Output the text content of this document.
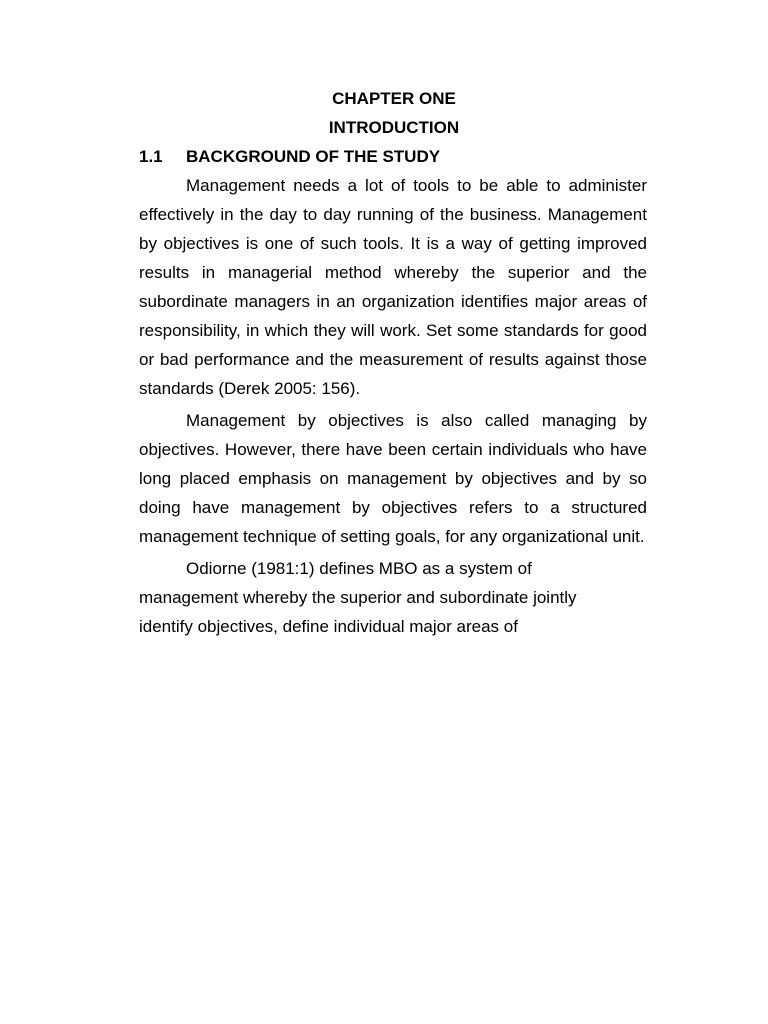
CHAPTER ONE

INTRODUCTION

1.1 BACKGROUND OF THE STUDY

Management needs a lot of tools to be able to administer effectively in the day to day running of the business. Management by objectives is one of such tools. It is a way of getting improved results in managerial method whereby the superior and the subordinate managers in an organization identifies major areas of responsibility, in which they will work. Set some standards for good or bad performance and the measurement of results against those standards (Derek 2005: 156).

Management by objectives is also called managing by objectives. However, there have been certain individuals who have long placed emphasis on management by objectives and by so doing have management by objectives refers to a structured management technique of setting goals, for any organizational unit.

Odiorne (1981:1) defines MBO as a system of management whereby the superior and subordinate jointly identify objectives, define individual major areas of
